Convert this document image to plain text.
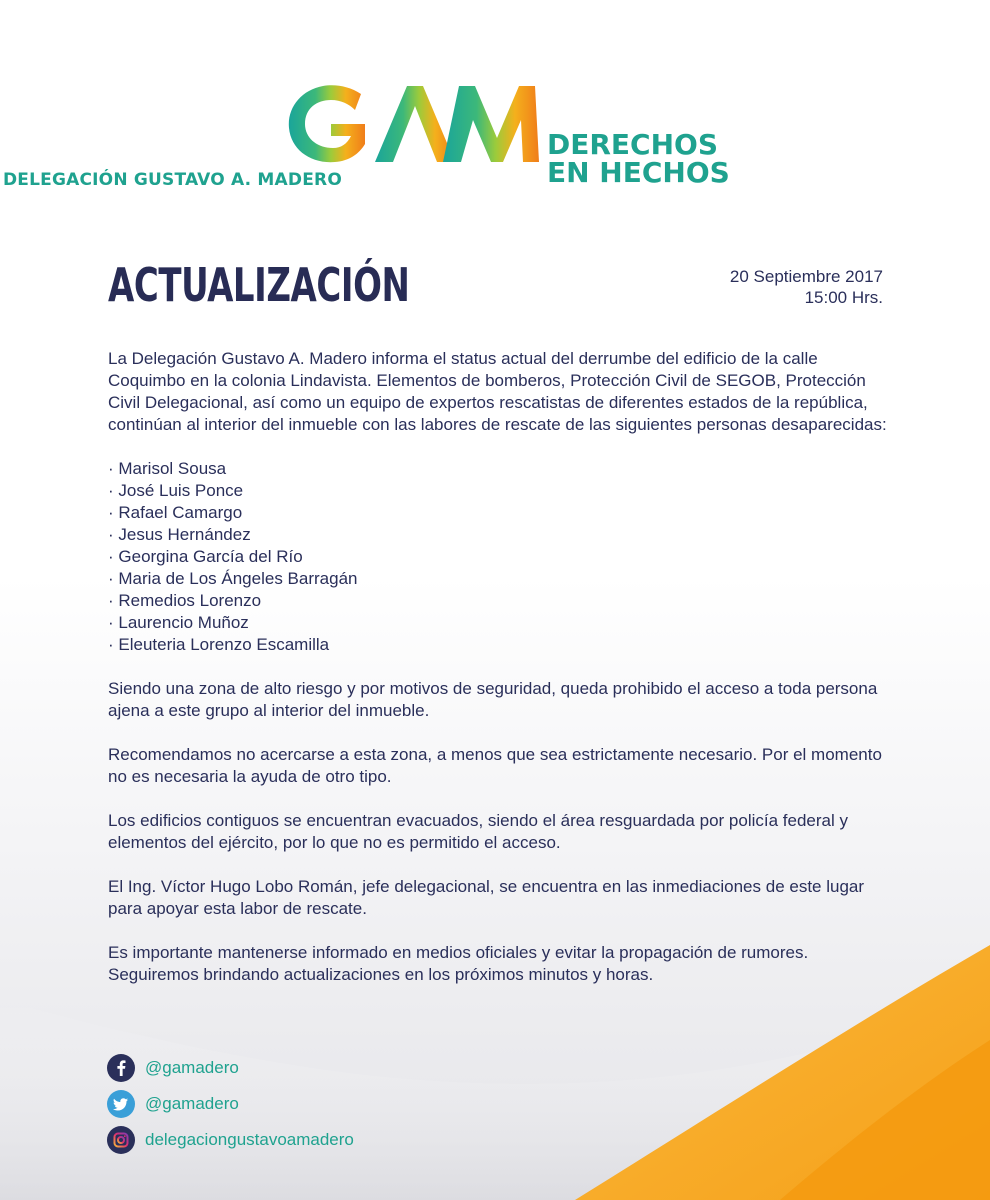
DELEGACIÓN GUSTAVO A. MADERO
DERECHOS
EN HECHOS
ACTUALIZACIÓN	20 Septiembre 2017
15:00 Hrs.

La Delegación Gustavo A. Madero informa el status actual del derrumbe del edificio de la calle Coquimbo en la colonia Lindavista. Elementos de bomberos, Protección Civil de SEGOB, Protección Civil Delegacional, así como un equipo de expertos rescatistas de diferentes estados de la república, continúan al interior del inmueble con las labores de rescate de las siguientes personas desaparecidas:

· Marisol Sousa
· José Luis Ponce
· Rafael Camargo
· Jesus Hernández
· Georgina García del Río
· Maria de Los Ángeles Barragán
· Remedios Lorenzo
· Laurencio Muñoz
· Eleuteria Lorenzo Escamilla

Siendo una zona de alto riesgo y por motivos de seguridad, queda prohibido el acceso a toda persona ajena a este grupo al interior del inmueble.

Recomendamos no acercarse a esta zona, a menos que sea estrictamente necesario. Por el momento no es necesaria la ayuda de otro tipo.

Los edificios contiguos se encuentran evacuados, siendo el área resguardada por policía federal y elementos del ejército, por lo que no es permitido el acceso.

El Ing. Víctor Hugo Lobo Román, jefe delegacional, se encuentra en las inmediaciones de este lugar para apoyar esta labor de rescate.

Es importante mantenerse informado en medios oficiales y evitar la propagación de rumores. Seguiremos brindando actualizaciones en los próximos minutos y horas.

@gamadero
@gamadero
delegaciongustavoamadero
